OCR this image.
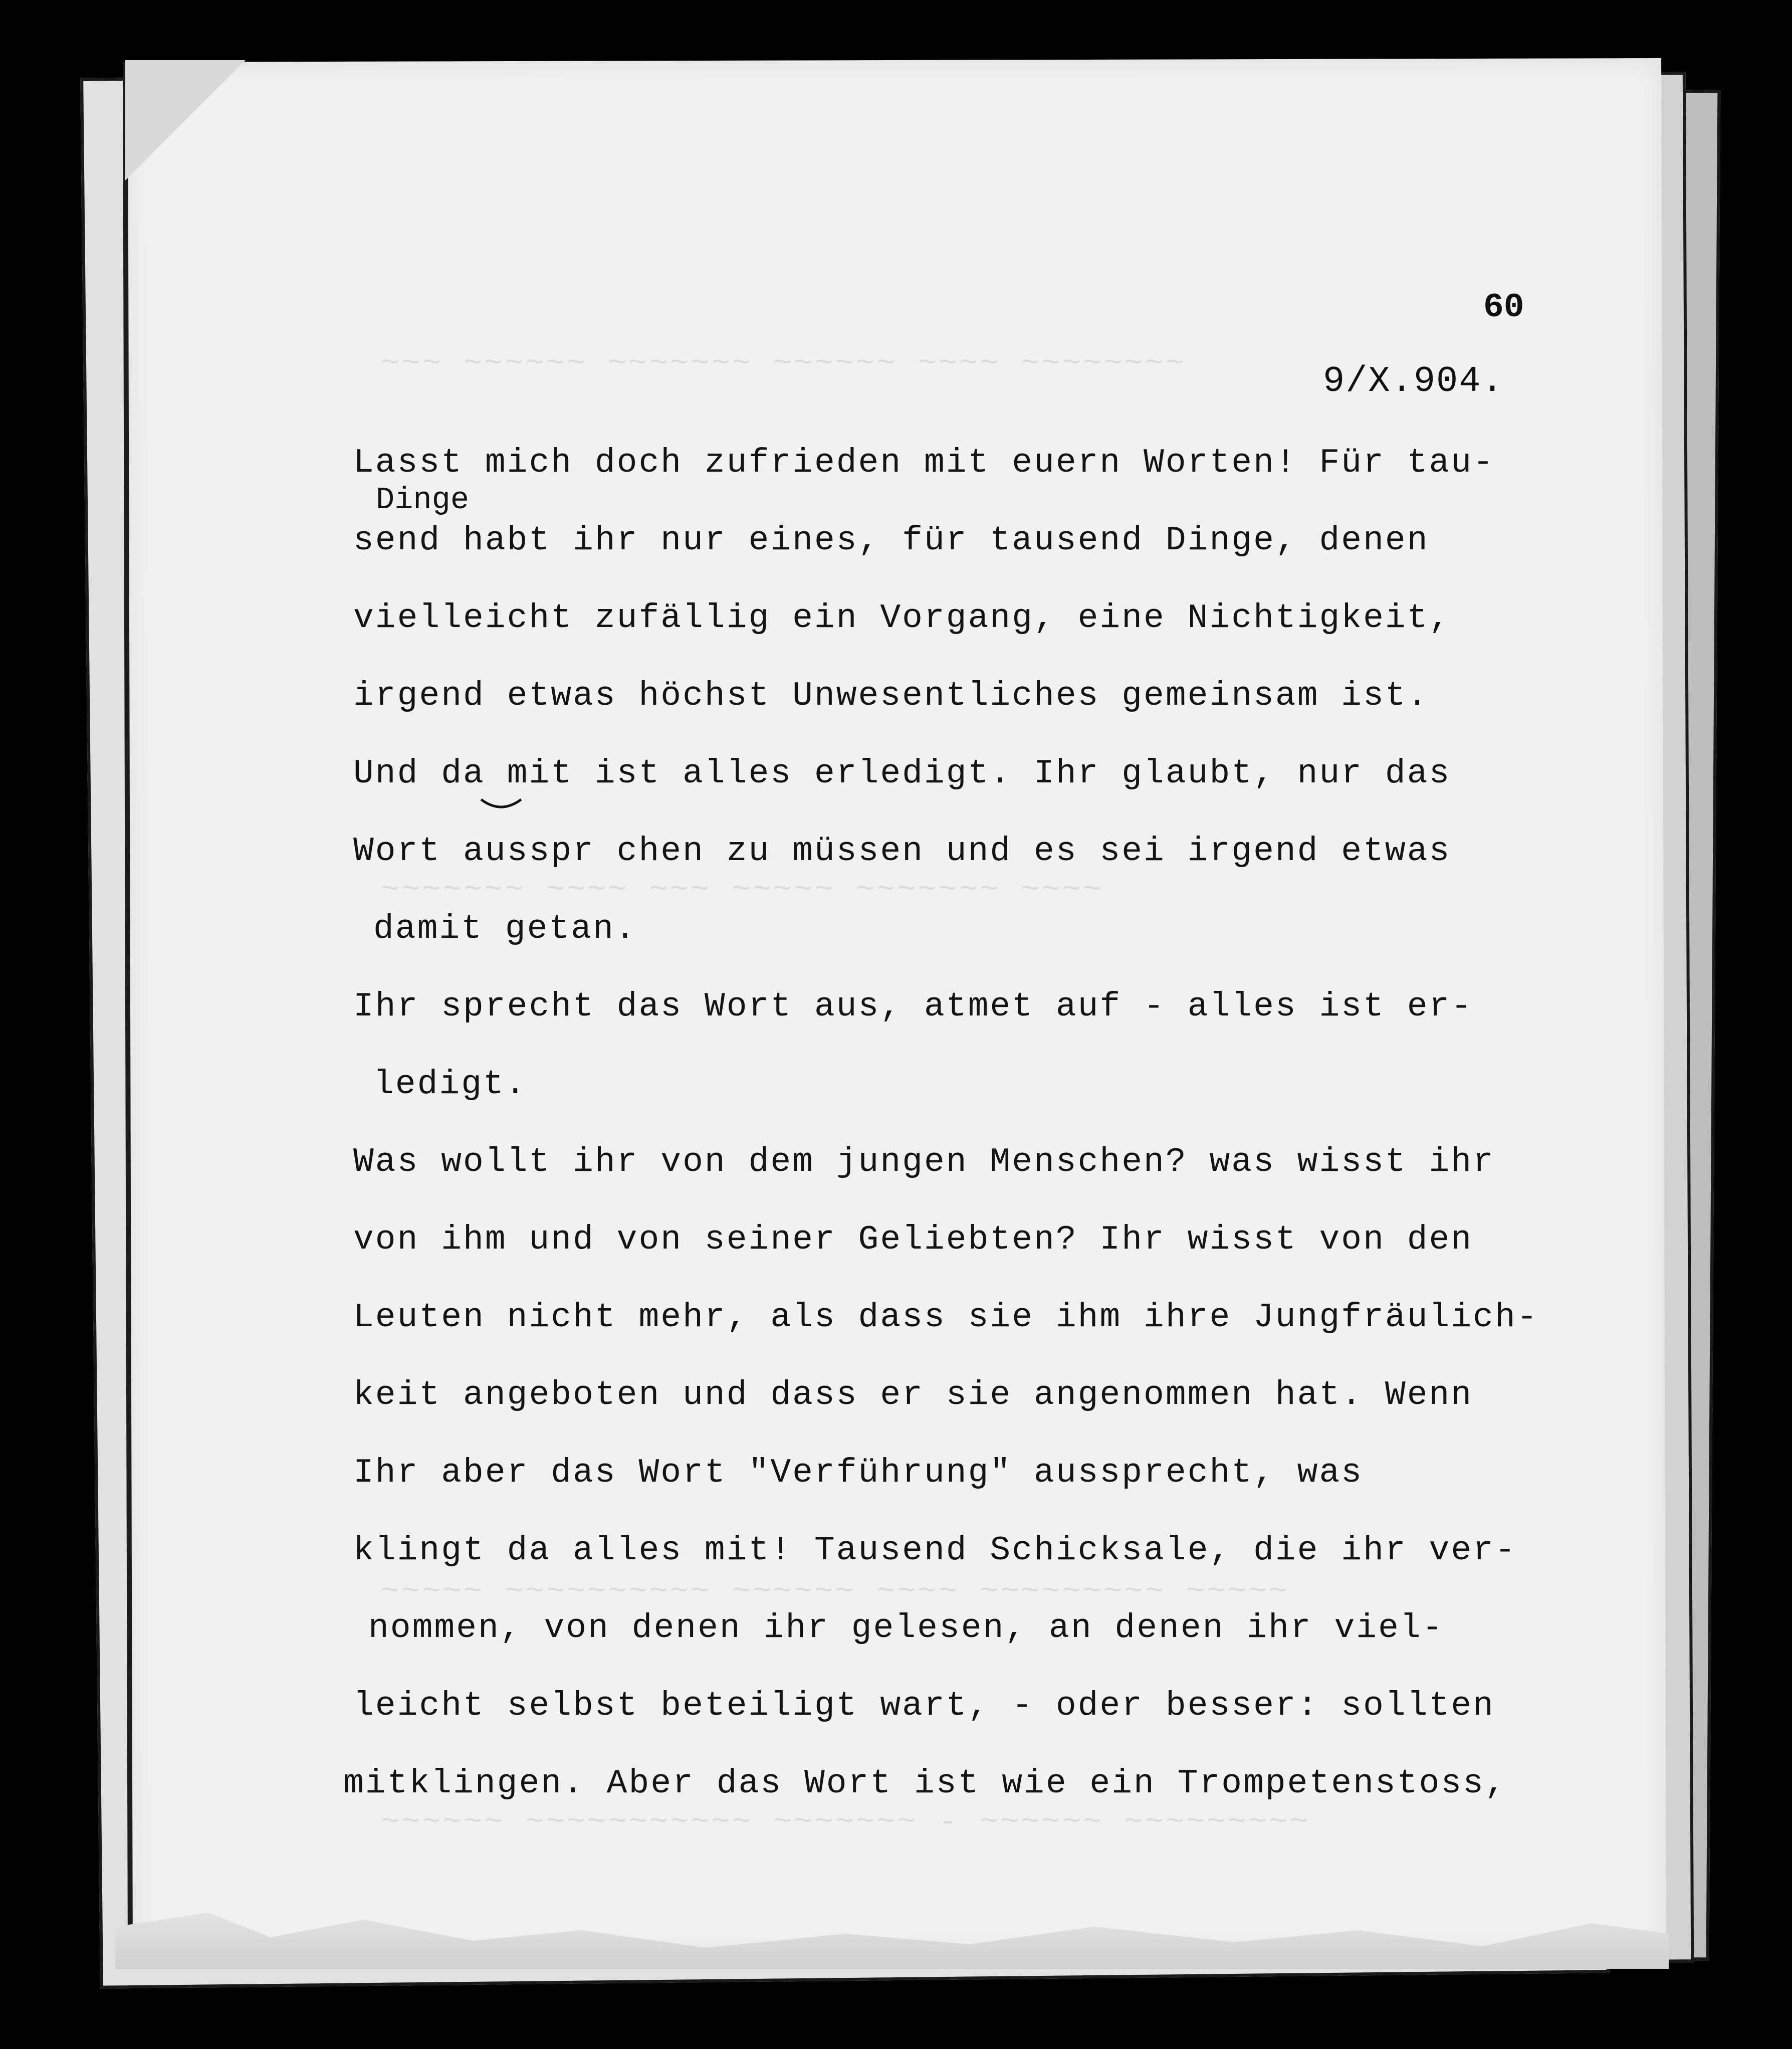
~~~ ~~~~~~ ~~~~~~~ ~~~~~~ ~~~~ ~~~~~~~~
~~~~~~~ ~~~~ ~~~ ~~~~~ ~~~~~~~ ~~~~
~~~~~ ~~~~~~~~~~ ~~~~~~ ~~~~ ~~~~~~~~~ ~~~~~
~~~~~~ ~~~~~~~~~~~ ~~~~~~~ - ~~~~~~ ~~~~~~~~~
60
9/X.904.
Dinge
Lasst mich doch zufrieden mit euern Worten! Für tau-
send habt ihr nur eines, für tausend Dinge, denen
vielleicht zufällig ein Vorgang, eine Nichtigkeit,
irgend etwas höchst Unwesentliches gemeinsam ist.
Und da mit ist alles erledigt. Ihr glaubt, nur das
Wort ausspr chen zu müssen und es sei irgend etwas
damit getan.
Ihr sprecht das Wort aus, atmet auf - alles ist er-
ledigt.
Was wollt ihr von dem jungen Menschen? was wisst ihr
von ihm und von seiner Geliebten? Ihr wisst von den
Leuten nicht mehr, als dass sie ihm ihre Jungfräulich-
keit angeboten und dass er sie angenommen hat. Wenn
Ihr aber das Wort "Verführung" aussprecht, was
klingt da alles mit! Tausend Schicksale, die ihr ver-
nommen, von denen ihr gelesen, an denen ihr viel-
leicht selbst beteiligt wart, - oder besser: sollten
mitklingen. Aber das Wort ist wie ein Trompetenstoss,
